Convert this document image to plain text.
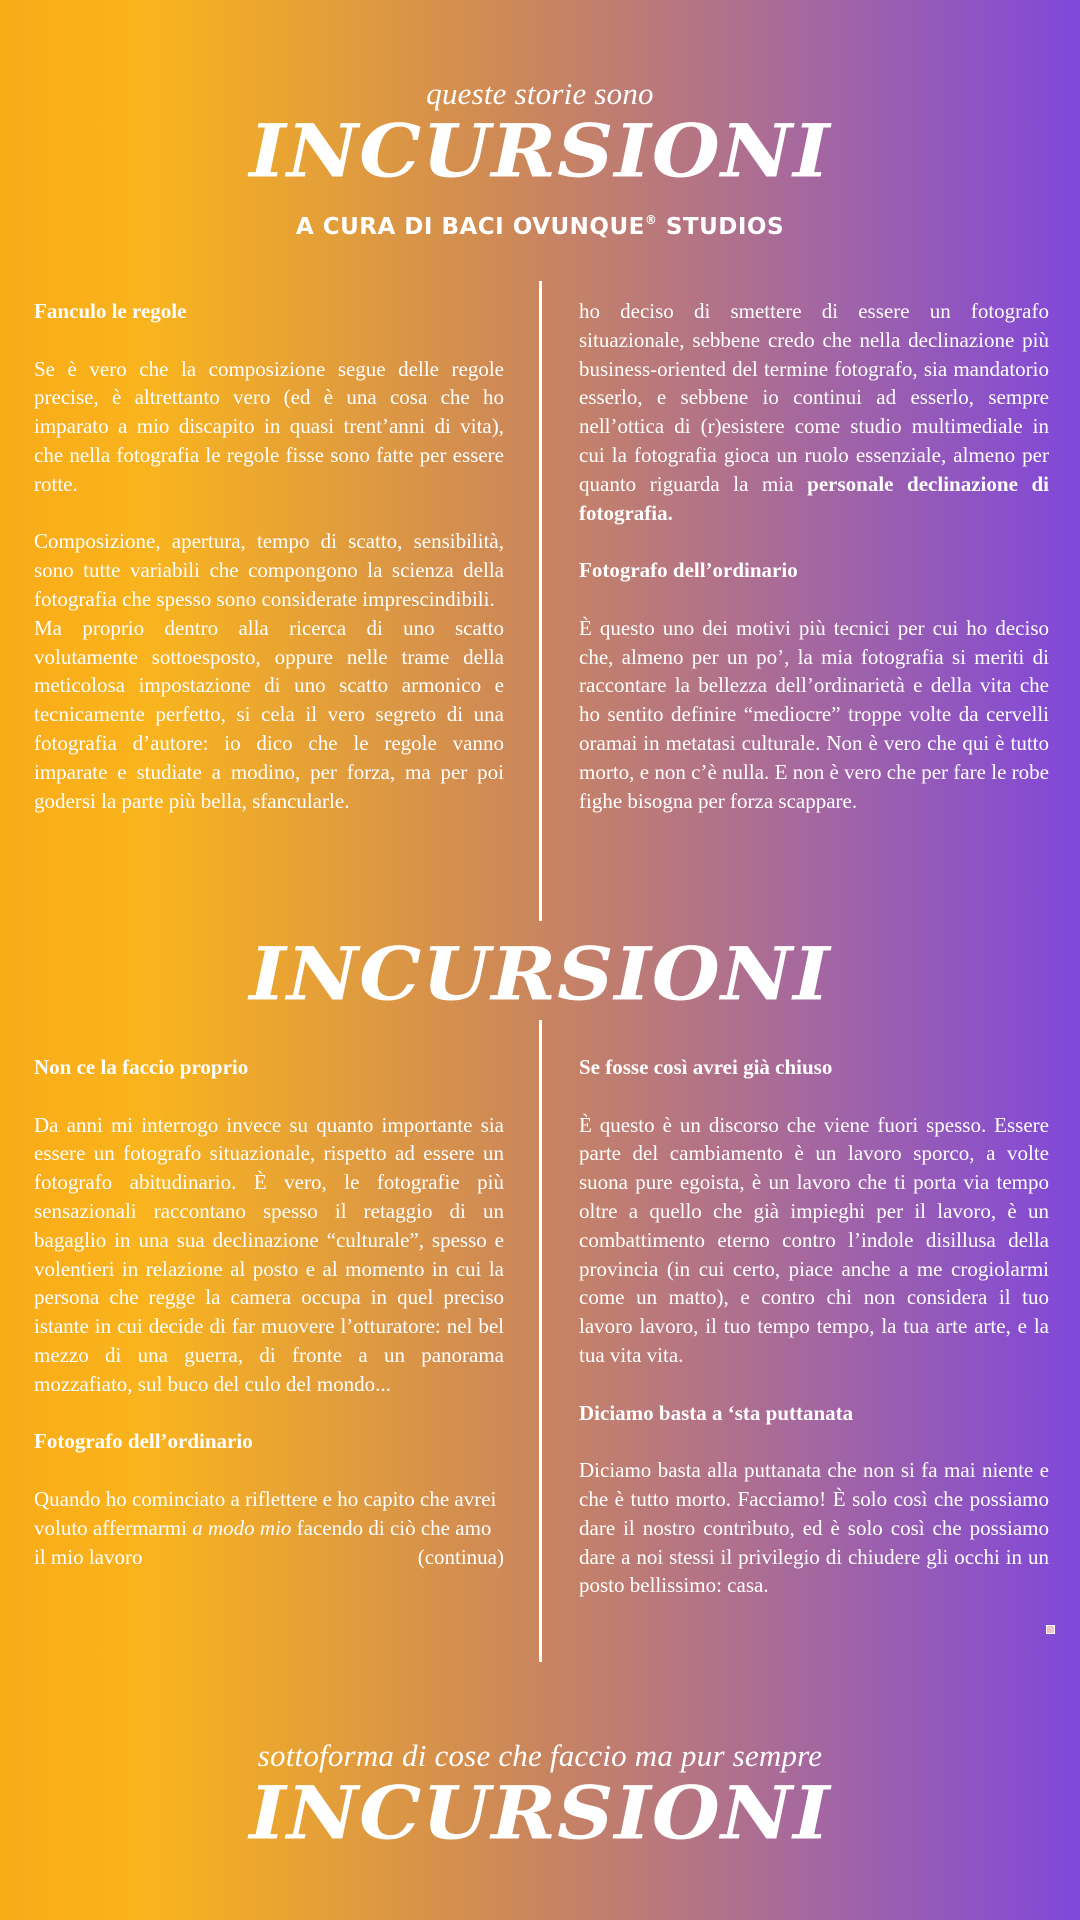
queste storie sono
INCURSIONI
A CURA DI BACI OVUNQUE® STUDIOS

Fanculo le regole

Se è vero che la composizione segue delle regole precise, è altrettanto vero (ed è una cosa che ho imparato a mio discapito in quasi trent’anni di vita), che nella fotografia le regole fisse sono fatte per essere rotte.

Composizione, apertura, tempo di scatto, sensibilità, sono tutte variabili che compongono la scienza della fotografia che spesso sono considerate imprescindibili.

Ma proprio dentro alla ricerca di uno scatto volutamente sottoesposto, oppure nelle trame della meticolosa impostazione di uno scatto armonico e tecnicamente perfetto, si cela il vero segreto di una fotografia d’autore: io dico che le regole vanno imparate e studiate a modino, per forza, ma per poi godersi la parte più bella, sfancularle.

ho deciso di smettere di essere un fotografo situazionale, sebbene credo che nella declinazione più business-oriented del termine fotografo, sia mandatorio esserlo, e sebbene io continui ad esserlo, sempre nell’ottica di (r)esistere come studio multimediale in cui la fotografia gioca un ruolo essenziale, almeno per quanto riguarda la mia personale declinazione di fotografia.

Fotografo dell’ordinario

È questo uno dei motivi più tecnici per cui ho deciso che, almeno per un po’, la mia fotografia si meriti di raccontare la bellezza dell’ordinarietà e della vita che ho sentito definire “mediocre” troppe volte da cervelli oramai in metatasi culturale. Non è vero che qui è tutto morto, e non c’è nulla. E non è vero che per fare le robe fighe bisogna per forza scappare.

INCURSIONI

Non ce la faccio proprio

Da anni mi interrogo invece su quanto importante sia essere un fotografo situazionale, rispetto ad essere un fotografo abitudinario. È vero, le fotografie più sensazionali raccontano spesso il retaggio di un bagaglio in una sua declinazione “culturale”, spesso e volentieri in relazione al posto e al momento in cui la persona che regge la camera occupa in quel preciso istante in cui decide di far muovere l’otturatore: nel bel mezzo di una guerra, di fronte a un panorama mozzafiato, sul buco del culo del mondo...

Fotografo dell’ordinario

Quando ho cominciato a riflettere e ho capito che avrei voluto affermarmi a modo mio facendo di ciò che amo il mio lavoro	(continua)

Se fosse così avrei già chiuso

È questo è un discorso che viene fuori spesso. Essere parte del cambiamento è un lavoro sporco, a volte suona pure egoista, è un lavoro che ti porta via tempo oltre a quello che già impieghi per il lavoro, è un combattimento eterno contro l’indole disillusa della provincia (in cui certo, piace anche a me crogiolarmi come un matto), e contro chi non considera il tuo lavoro lavoro, il tuo tempo tempo, la tua arte arte, e la tua vita vita.

Diciamo basta a ‘sta puttanata

Diciamo basta alla puttanata che non si fa mai niente e che è tutto morto. Facciamo! È solo così che possiamo dare il nostro contributo, ed è solo così che possiamo dare a noi stessi il privilegio di chiudere gli occhi in un posto bellissimo: casa.

sottoforma di cose che faccio ma pur sempre
INCURSIONI
